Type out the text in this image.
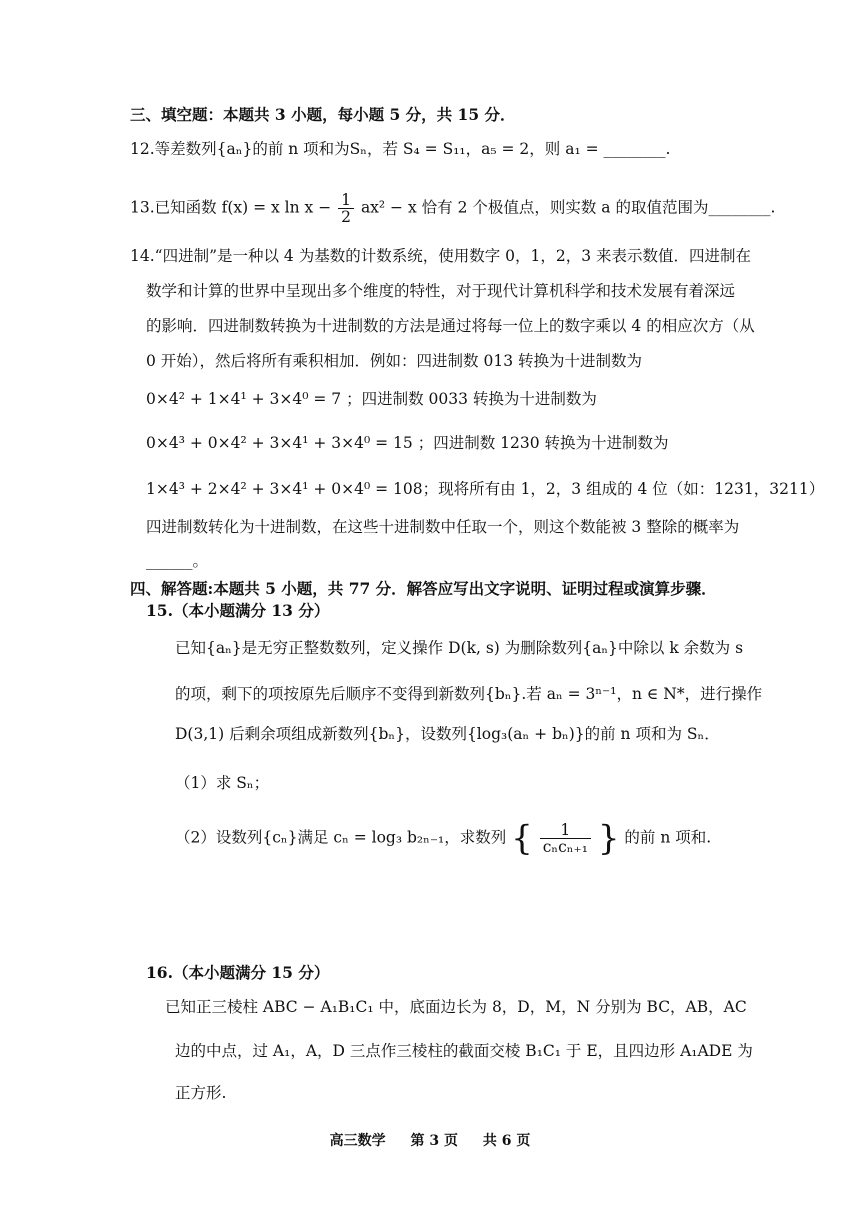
三、填空题：本题共 3 小题，每小题 5 分，共 15 分．
12.等差数列{aₙ}的前 n 项和为Sₙ，若 S₄ = S₁₁，a₅ = 2，则 a₁ = ________.
13.已知函数 f(x) = x $\ln x - \frac{1}{2} ax^2 - x$ 恰有 2 个极值点，则实数 a 的取值范围为________.
14.“四进制”是一种以 4 为基数的计数系统，使用数字 0，1，2，3 来表示数值．四进制在
数学和计算的世界中呈现出多个维度的特性，对于现代计算机科学和技术发展有着深远
的影响．四进制数转换为十进制数的方法是通过将每一位上的数字乘以 4 的相应次方（从
0 开始），然后将所有乘积相加．例如：四进制数 013 转换为十进制数为
0×4² + 1×4¹ + 3×4⁰ = 7 ；四进制数 0033 转换为十进制数为
0×4³ + 0×4² + 3×4¹ + 3×4⁰ = 15 ；四进制数 1230 转换为十进制数为
1×4³ + 2×4² + 3×4¹ + 0×4⁰ = 108；现将所有由 1，2，3 组成的 4 位（如：1231，3211）
四进制数转化为十进制数，在这些十进制数中任取一个，则这个数能被 3 整除的概率为
______。
四、解答题:本题共 5 小题，共 77 分．解答应写出文字说明、证明过程或演算步骤．
15.（本小题满分 13 分）
已知{aₙ}是无穷正整数数列，定义操作 D(k, s) 为删除数列{aₙ}中除以 k 余数为 s
的项，剩下的项按原先后顺序不变得到新数列{bₙ}.若 aₙ = 3ⁿ⁻¹，n ∈ N*，进行操作
D(3,1) 后剩余项组成新数列{bₙ}，设数列{log₃(aₙ + bₙ)}的前 n 项和为 Sₙ．
（1）求 Sₙ；
（2）设数列{cₙ}满足 cₙ = log₃ b₂ₙ₋₁，求数列 { $\frac{1}{\text{cₙcₙ₊₁}}$ } 的前 n 项和.
16.（本小题满分 15 分）
已知正三棱柱 ABC − A₁B₁C₁ 中，底面边长为 8，D，M，N 分别为 BC，AB，AC
边的中点，过 A₁，A，D 三点作三棱柱的截面交棱 B₁C₁ 于 E，且四边形 A₁ADE 为
正方形.
高三数学 第 3 页 共 6 页
